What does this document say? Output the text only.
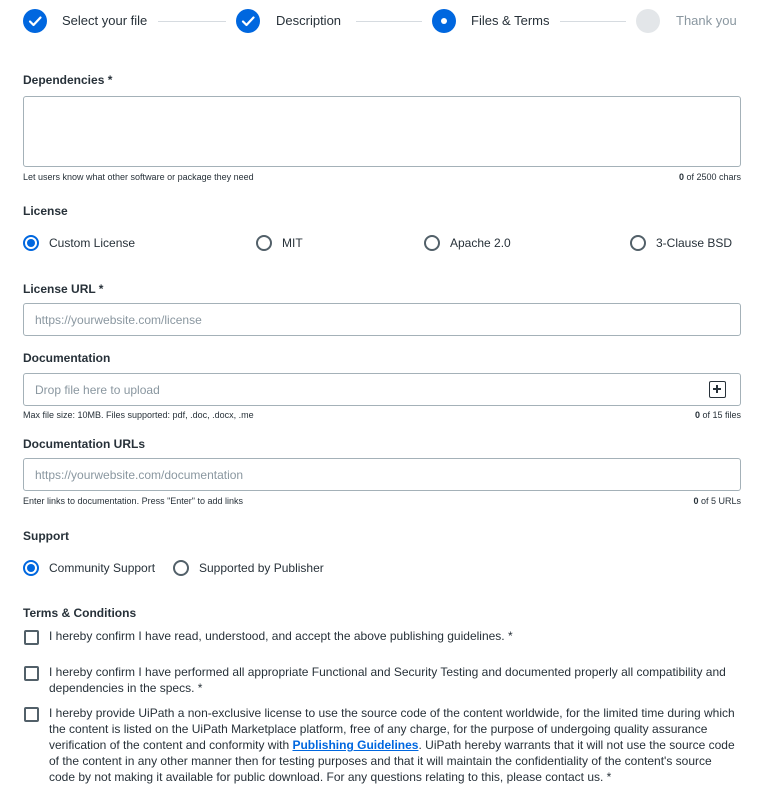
Select your file	Description	Files & Terms	Thank you
Dependencies *
Let users know what other software or package they need	0 of 2500 chars
License
Custom License	MIT	Apache 2.0	3-Clause BSD
License URL *
https://yourwebsite.com/license
Documentation
Drop file here to upload
Max file size: 10MB. Files supported: pdf, .doc, .docx, .me	0 of 15 files
Documentation URLs
https://yourwebsite.com/documentation
Enter links to documentation. Press "Enter" to add links	0 of 5 URLs
Support
Community Support	Supported by Publisher
Terms & Conditions
I hereby confirm I have read, understood, and accept the above publishing guidelines. *
I hereby confirm I have performed all appropriate Functional and Security Testing and documented properly all compatibility and dependencies in the specs. *
I hereby provide UiPath a non-exclusive license to use the source code of the content worldwide, for the limited time during which the content is listed on the UiPath Marketplace platform, free of any charge, for the purpose of undergoing quality assurance verification of the content and conformity with Publishing Guidelines. UiPath hereby warrants that it will not use the source code of the content in any other manner then for testing purposes and that it will maintain the confidentiality of the content's source code by not making it available for public download. For any questions relating to this, please contact us. *
